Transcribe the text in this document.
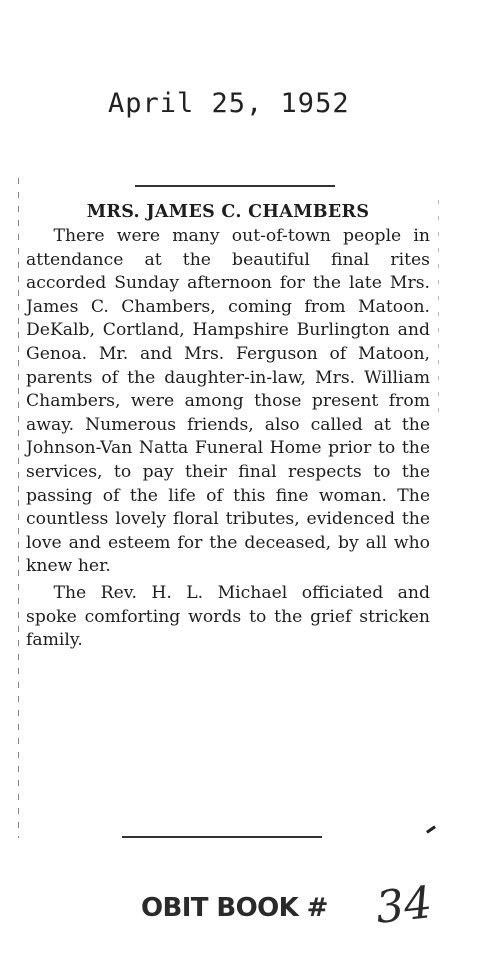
April 25, 1952
MRS. JAMES C. CHAMBERS

There were many out-of-town people in attendance at the beautiful final rites accorded Sunday afternoon for the late Mrs. James C. Chambers, coming from Matoon. DeKalb, Cortland, Hampshire Burlington and Genoa. Mr. and Mrs. Ferguson of Matoon, parents of the daughter-in-law, Mrs. William Chambers, were among those present from away. Numerous friends, also called at the Johnson-Van Natta Funeral Home prior to the services, to pay their final respects to the passing of the life of this fine woman. The countless lovely floral tributes, evidenced the love and esteem for the deceased, by all who knew her.

The Rev. H. L. Michael officiated and spoke comforting words to the grief stricken family.

OBIT BOOK # 34
